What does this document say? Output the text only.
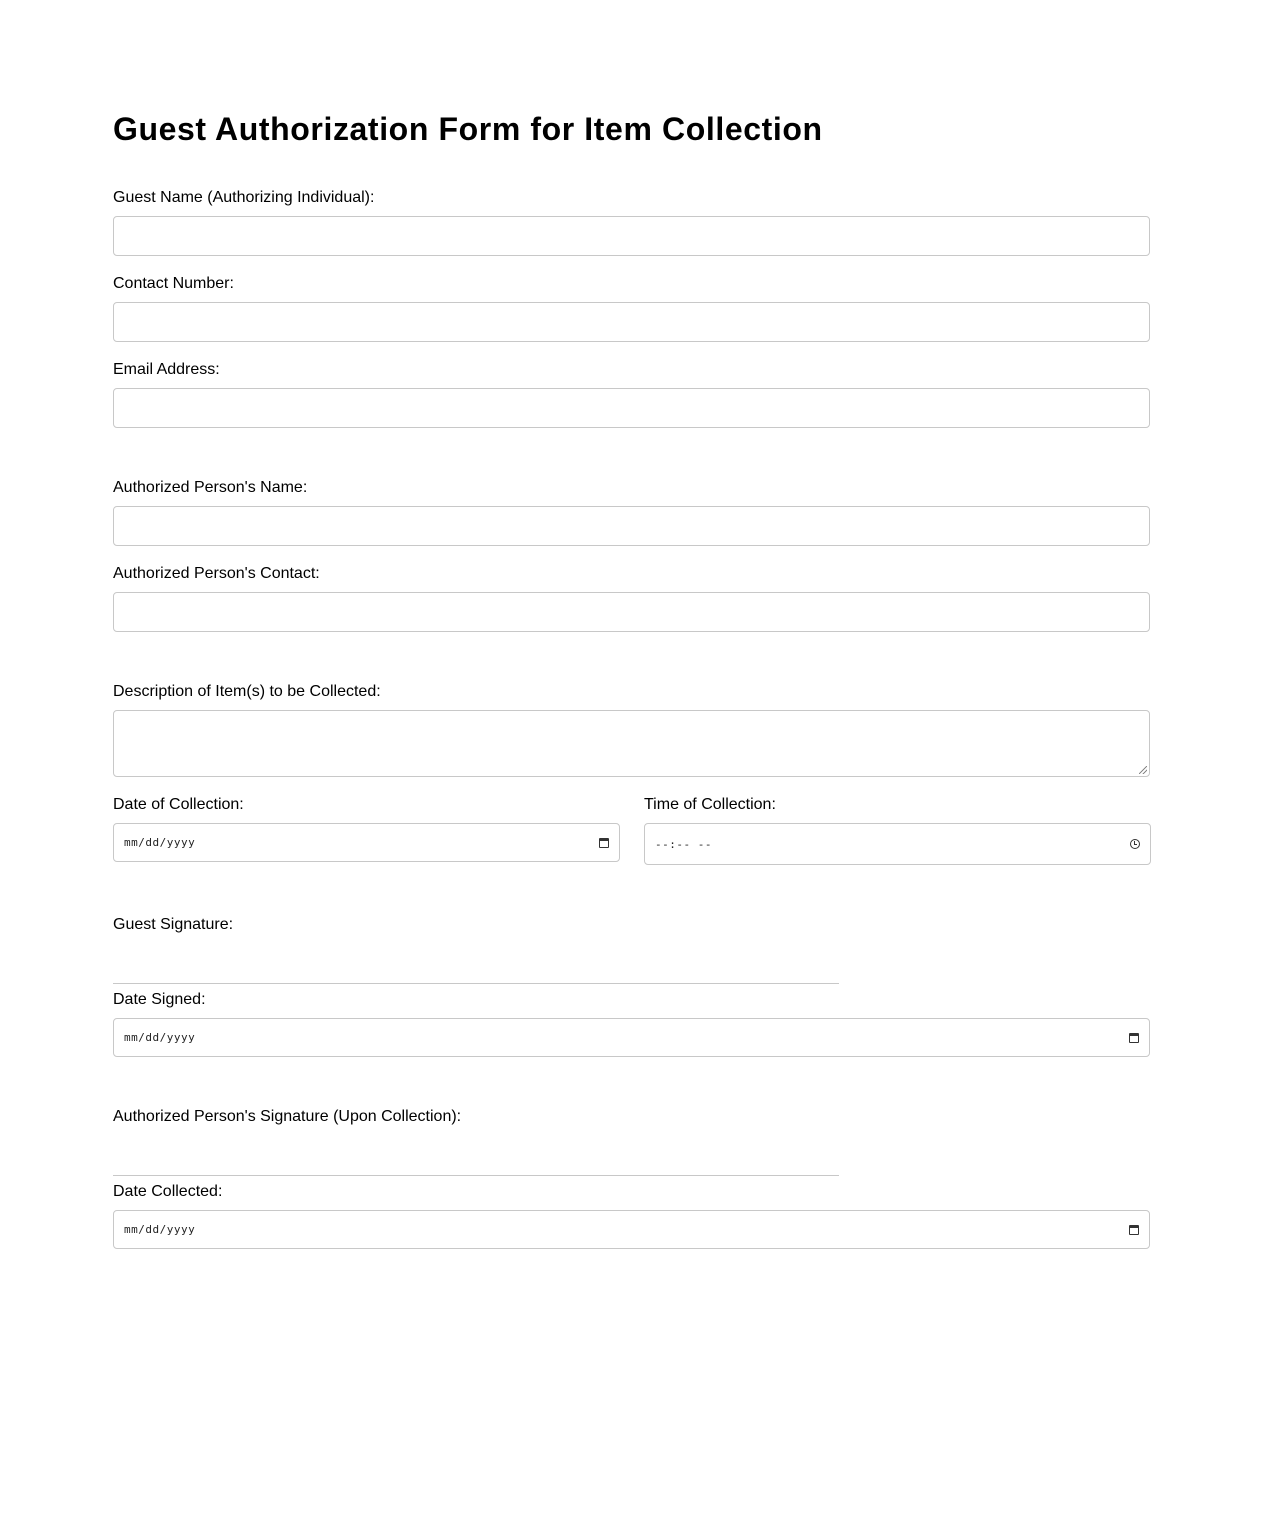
Guest Authorization Form for Item Collection
Guest Name (Authorizing Individual):
Contact Number:
Email Address:
Authorized Person's Name:
Authorized Person's Contact:
Description of Item(s) to be Collected:
Date of Collection:
mm/dd/yyyy
Time of Collection:
--:-- --
Guest Signature:
Date Signed:
mm/dd/yyyy
Authorized Person's Signature (Upon Collection):
Date Collected:
mm/dd/yyyy
